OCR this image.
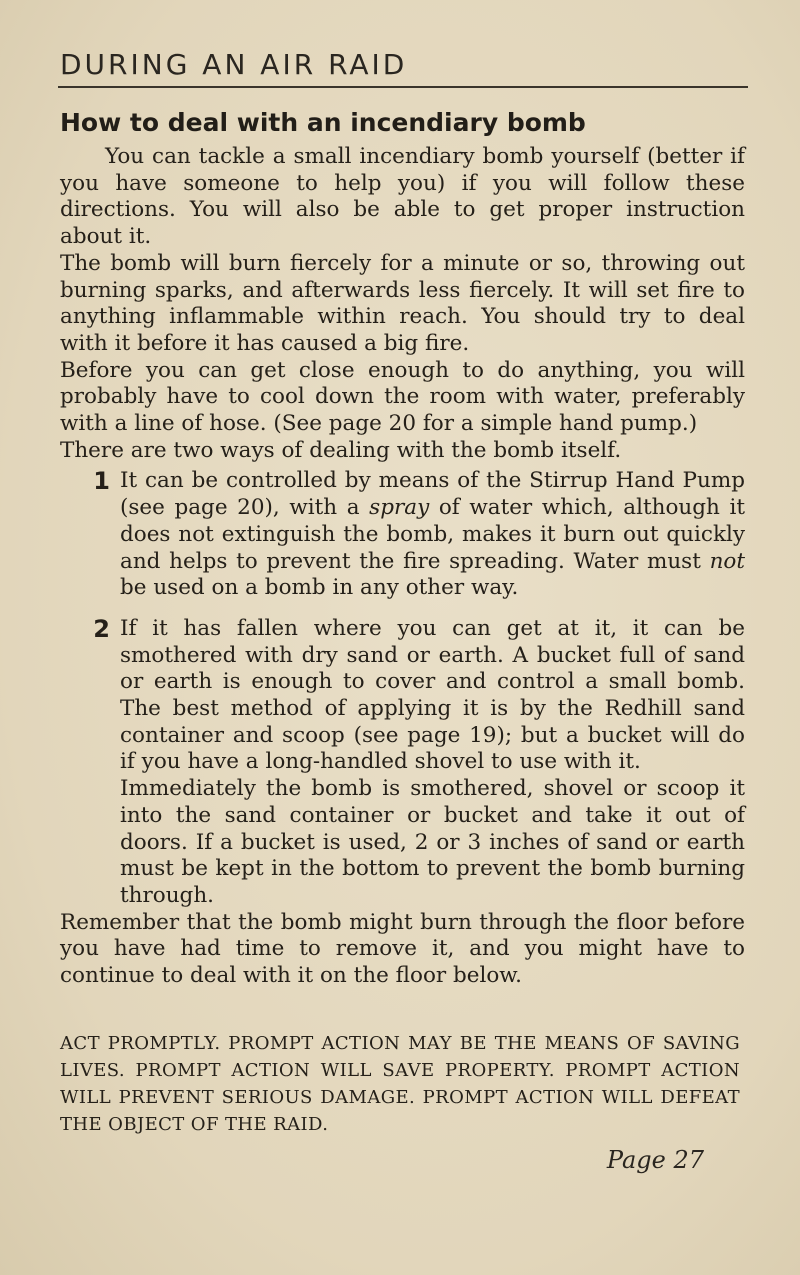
DURING AN AIR RAID
How to deal with an incendiary bomb

You can tackle a small incendiary bomb yourself (better if you have someone to help you) if you will follow these directions. You will also be able to get proper instruction about it.

The bomb will burn fiercely for a minute or so, throwing out burning sparks, and afterwards less fiercely. It will set fire to anything inflammable within reach. You should try to deal with it before it has caused a big fire.

Before you can get close enough to do anything, you will probably have to cool down the room with water, preferably with a line of hose. (See page 20 for a simple hand pump.)

There are two ways of dealing with the bomb itself.

1 It can be controlled by means of the Stirrup Hand Pump (see page 20), with a spray of water which, although it does not extinguish the bomb, makes it burn out quickly and helps to prevent the fire spreading. Water must not be used on a bomb in any other way.

2 If it has fallen where you can get at it, it can be smothered with dry sand or earth. A bucket full of sand or earth is enough to cover and control a small bomb. The best method of applying it is by the Redhill sand container and scoop (see page 19); but a bucket will do if you have a long-handled shovel to use with it.

Immediately the bomb is smothered, shovel or scoop it into the sand container or bucket and take it out of doors. If a bucket is used, 2 or 3 inches of sand or earth must be kept in the bottom to prevent the bomb burning through.

Remember that the bomb might burn through the floor before you have had time to remove it, and you might have to continue to deal with it on the floor below.

ACT PROMPTLY. PROMPT ACTION MAY BE THE MEANS OF SAVING LIVES. PROMPT ACTION WILL SAVE PROPERTY. PROMPT ACTION WILL PREVENT SERIOUS DAMAGE. PROMPT ACTION WILL DEFEAT THE OBJECT OF THE RAID.

Page 27
